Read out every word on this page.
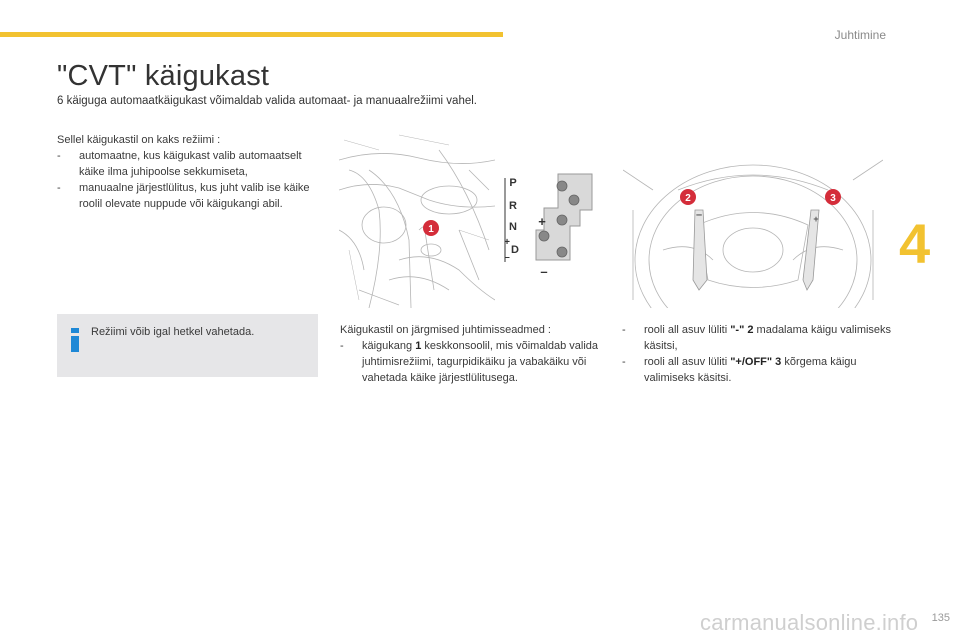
Juhtimine
4
"CVT" käigukast
6 käiguga automaatkäigukast võimaldab valida automaat- ja manuaalrežiimi vahel.
Sellel käigukastil on kaks režiimi :
- automaatne, kus käigukast valib automaatselt käike ilma juhipoolse sekkumiseta,
- manuaalne järjestlülitus, kus juht valib ise käike roolil olevate nuppude või käigukangi abil.
Režiimi võib igal hetkel vahetada.
1
P
R
N
+
D
–
+
–
–	+
2	3
Käigukastil on järgmised juhtimisseadmed :
- käigukang 1 keskkonsoolil, mis võimaldab valida juhtimisrežiimi, tagurpidikäiku ja vabakäiku või vahetada käike järjestlülitusega.
- rooli all asuv lüliti "-" 2 madalama käigu valimiseks käsitsi,
- rooli all asuv lüliti "+/OFF" 3 kõrgema käigu valimiseks käsitsi.
135
carmanualsonline.info
